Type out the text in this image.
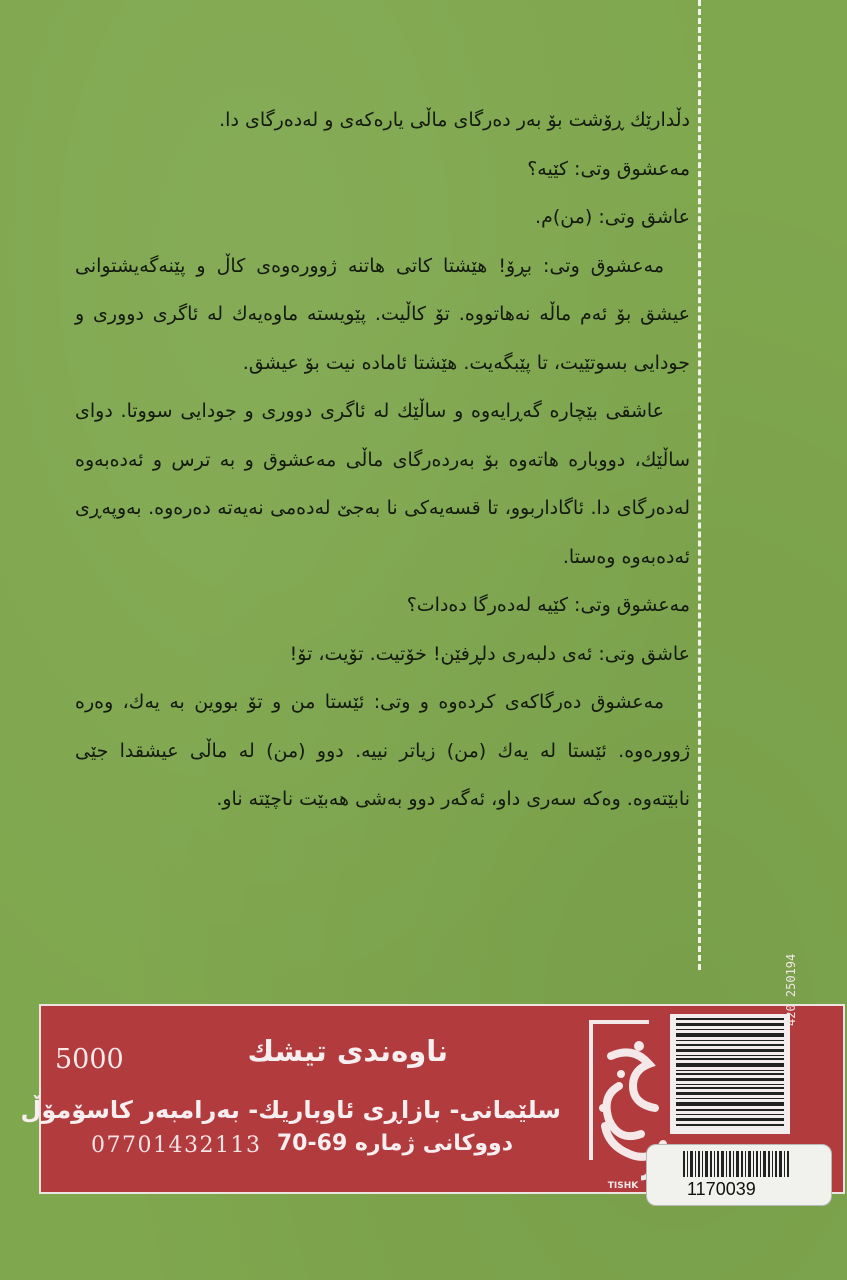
دڵدارێك ڕۆشت بۆ بەر دەرگای ماڵی یارەکەی و لەدەرگای دا.

مەعشوق وتی: کێیە؟

عاشق وتی: (من)م.

مەعشوق وتی: بڕۆ! هێشتا کاتی هاتنە ژوورەوەی کاڵ و پێنەگەیشتوانی عیشق بۆ ئەم ماڵە نەهاتووە. تۆ کاڵیت. پێویستە ماوەیەك لە ئاگری دووری و جودایی بسوتێیت، تا پێبگەیت. هێشتا ئامادە نیت بۆ عیشق.

عاشقی بێچارە گەڕایەوە و ساڵێك لە ئاگری دووری و جودایی سووتا. دوای ساڵێك، دووبارە هاتەوە بۆ بەردەرگای ماڵی مەعشوق و بە ترس و ئەدەبەوە لەدەرگای دا. ئاگاداربوو، تا قسەیەکی نا بەجێ لەدەمی نەیەتە دەرەوە. بەوپەڕی ئەدەبەوە وەستا.

مەعشوق وتی: کێیە لەدەرگا دەدات؟

عاشق وتی: ئەی دلبەری دلڕفێن! خۆتیت. تۆیت، تۆ!

مەعشوق دەرگاکەی کردەوە و وتی: ئێستا من و تۆ بووین بە یەك، وەرە ژوورەوە. ئێستا لە یەك (من) زیاتر نییە. دوو (من) لە ماڵی عیشقدا جێی نابێتەوە. وەکە سەری داو، ئەگەر دوو بەشی هەبێت ناچێتە ناو.

ناوەندی تیشك
5000
سلێمانی- بازاڕی ئاوباریك- بەرامبەر کاسۆمۆڵ
دووکانی ژمارە 69-70
07701432113
TISHK
420 250194
1170039
